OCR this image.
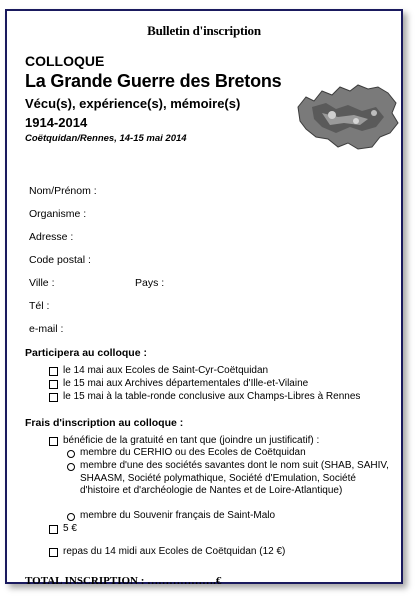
Bulletin d'inscription
COLLOQUE
La Grande Guerre des Bretons
Vécu(s), expérience(s), mémoire(s)
1914-2014
Coëtquidan/Rennes, 14-15 mai 2014
Nom/Prénom :
Organisme :
Adresse :
Code postal :
Ville :	Pays :
Tél :
e-mail :
Participera au colloque :
le 14 mai aux Ecoles de Saint-Cyr-Coëtquidan
le 15 mai aux Archives départementales d'Ille-et-Vilaine
le 15 mai à la table-ronde conclusive aux Champs-Libres à Rennes
Frais d'inscription au colloque :
bénéficie de la gratuité en tant que (joindre un justificatif) :
membre du CERHIO ou des Ecoles de Coëtquidan
membre d'une des sociétés savantes dont le nom suit (SHAB, SAHIV, SHAASM, Société polymathique, Société d'Emulation, Société d'histoire et d'archéologie de Nantes et de Loire-Atlantique)
membre du Souvenir français de Saint-Malo
5 €
repas du 14 midi aux Ecoles de Coëtquidan (12 €)
TOTAL INSCRIPTION : ……………….€
